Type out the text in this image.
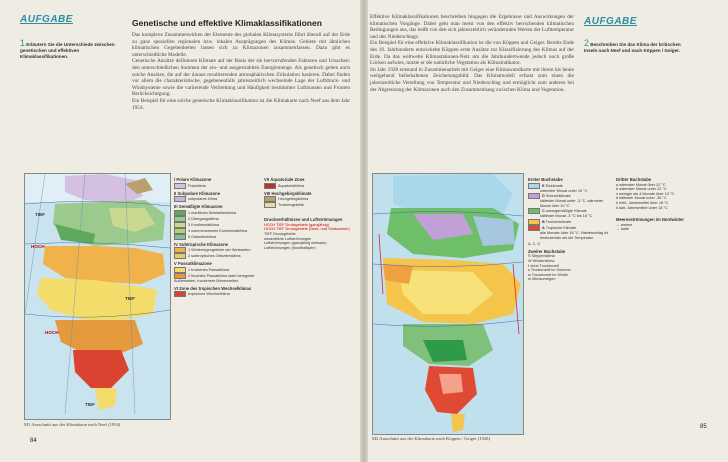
AUFGABE
1 Erläutern Sie die Unterschiede zwischen genetischen und effektiven Klimaklassifikationen.
Genetische und effektive Klimaklassifikationen

Das komplexe Zusammenwirken der Elemente des globalen Klimasystems führt überall auf der Erde zu ganz speziellen regionalen bzw. lokalen Ausprägungen des Klimas. Gebiete mit ähnlichen klimatischen Gegebenheiten lassen sich zu Klimazonen zusammenfassen. Dazu gibt es unterschiedliche Modelle.

Genetische Ansätze definieren Klimate auf der Basis der sie hervorrufenden Faktoren und Ursachen: den unterschiedlichen Summen der ein- und ausgestrahlten Energiemenge. Als genetisch gelten auch solche Ansätze, die auf der daraus resultierenden atmosphärischen Zirkulation basieren. Dabei finden vor allem die charakteristische, gegebenenfalls jahreszeitlich wechselnde Lage der Luftdruck- und Windsysteme sowie die variierende Verbreitung und Häufigkeit bestimmter Luftmassen und Fronten Berücksichtigung.

Ein Beispiel für eine solche genetische Klimaklassifikation ist die Klimakarte nach Neef aus dem Jahr 1954.

TIEF
HOCH
HOCH
TIEF
TIEF
I Polare Klimazone
Polarklima
II Subpolare Klimazone
subpolares Klima
III Gemäßigte Klimazone
1 maritimes Westseitenklima
2 Übergangsklima
3 Kontinentalklima
4 sommerwarmes Kontinentalklima
5 Ostseitenklima
IV Subtropische Klimazone
1 Winterregengebiete der Westseiten
2 subtropisches Ostseitenklima
V Passatklimazone
1 trockenes Passatklima
2 feuchtes Passatklima stark beregnete Außenseiten, trockenere Binnenseiten
VI Zone des tropischen Wechselklimas
tropisches Wechselklima
VII Äquatoriale Zone
Äquatorialklima
VIII Hochgebirgsklimate
Hochgebirgsklima
Trockengebiete
Druckverhältnisse und Luftströmungen
HOCH TIEF Druckgebiete (ganzjährig)
HOCH TIEF Druckgebiete (Nord- und Südsommer)
TIEF Druckgebiete
wesentliche Luftströmungen
Luftströmungen (ganzjährig wirksam)
Luftströmungen (Nordhalbjahr)
M1 Ausschnitt aus der Klimakarte nach Neef (1954)
84

Effektive Klimaklassifikationen beschreiben hingegen die Ergebnisse und Auswirkungen der klimatischen Vorgänge. Dabei geht man meist von den effektiv herrschenden klimatischen Bedingungen aus, das heißt von den sich jahreszeitlich verändernden Werten der Lufttemperatur und des Niederschlags.

Ein Beispiel für eine effektive Klimaklassifikation ist die von Köppen und Geiger. Bereits Ende des 19. Jahrhunderts entwickelte Köppen erste Ansätze zur Klassifizierung des Klimas auf der Erde. Da das weltweite Klimastationen-Netz um die Jahrhundertwende jedoch noch große Lücken aufwies, nutzte er die natürliche Vegetation als Klimaindikator.

Im Jahr 1928 entstand in Zusammenarbeit mit Geiger eine Klimawandkarte mit ihrem bis heute weitgehend beibehaltenen Zeichenungsbild. Das Klimamodell erfasst zum einen die jahreszeitliche Verteilung von Temperatur und Niederschlag und ermöglicht zum anderen bei der Abgrenzung der Klimazonen auch den Zusammenhang zwischen Klima und Vegetation.

AUFGABE
2 Beschreiben Sie das Klima der britischen Inseln nach Neef und nach Köppen / Geiger.
Erster Buchstabe
E Eisklimate
wärmster Monat unter 10 °C
D Schneeklimate
kältester Monat unter -3 °C, wärmster Monat über 10 °C
C warmgemäßigte Klimate
kältester Monat -3 °C bis 18 °C
B Trockenklimate
A Tropische Klimate
alle Monate über 18 °C, Niederschlag ist bedeutender als die Temperatur
A, C, D
Zweiter Buchstabe
S Steppenklima
W Wüstenklima
f ohne Trockenzeit
s Trockenzeit im Sommer
w Trockenzeit im Winter
m Monsunregen
Dritter Buchstabe
a wärmster Monat über 22 °C
b wärmster Monat unter 22 °C
c weniger als 4 Monate über 10 °C
d kältester Monat unter -38 °C
h heiß, Jahresmittel über 18 °C
k kalt, Jahresmittel unter 18 °C
Meeresströmungen im Nordwinter
→ warme
→ kalte
M2 Ausschnitt aus der Klimakarte nach Köppen / Geiger (1928)
85
